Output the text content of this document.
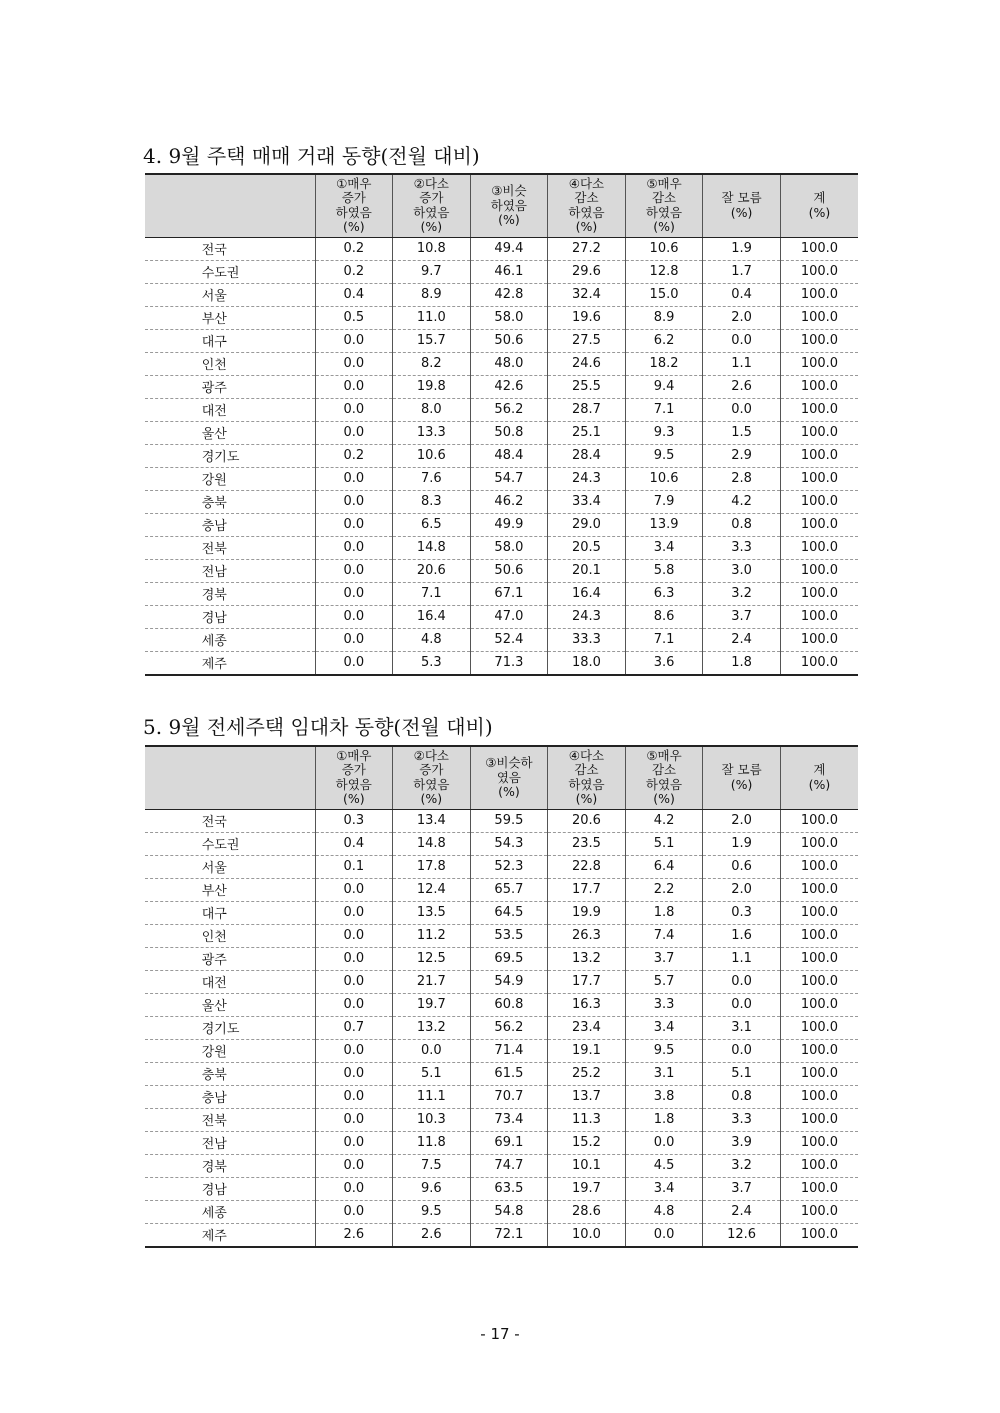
4. 9월 주택 매매 거래 동향(전월 대비)

	①매우
증가
하였음
(%)	②다소
증가
하였음
(%)	③비슷
하였음
(%)	④다소
감소
하였음
(%)	⑤매우
감소
하였음
(%)	잘 모름
(%)	계
(%)

전국	0.2	10.8	49.4	27.2	10.6	1.9	100.0
수도권	0.2	9.7	46.1	29.6	12.8	1.7	100.0
서울	0.4	8.9	42.8	32.4	15.0	0.4	100.0
부산	0.5	11.0	58.0	19.6	8.9	2.0	100.0
대구	0.0	15.7	50.6	27.5	6.2	0.0	100.0
인천	0.0	8.2	48.0	24.6	18.2	1.1	100.0
광주	0.0	19.8	42.6	25.5	9.4	2.6	100.0
대전	0.0	8.0	56.2	28.7	7.1	0.0	100.0
울산	0.0	13.3	50.8	25.1	9.3	1.5	100.0
경기도	0.2	10.6	48.4	28.4	9.5	2.9	100.0
강원	0.0	7.6	54.7	24.3	10.6	2.8	100.0
충북	0.0	8.3	46.2	33.4	7.9	4.2	100.0
충남	0.0	6.5	49.9	29.0	13.9	0.8	100.0
전북	0.0	14.8	58.0	20.5	3.4	3.3	100.0
전남	0.0	20.6	50.6	20.1	5.8	3.0	100.0
경북	0.0	7.1	67.1	16.4	6.3	3.2	100.0
경남	0.0	16.4	47.0	24.3	8.6	3.7	100.0
세종	0.0	4.8	52.4	33.3	7.1	2.4	100.0
제주	0.0	5.3	71.3	18.0	3.6	1.8	100.0
5. 9월 전세주택 임대차 동향(전월 대비)

	①매우
증가
하였음
(%)	②다소
증가
하였음
(%)	③비슷하
였음
(%)	④다소
감소
하였음
(%)	⑤매우
감소
하였음
(%)	잘 모름
(%)	계
(%)

전국	0.3	13.4	59.5	20.6	4.2	2.0	100.0
수도권	0.4	14.8	54.3	23.5	5.1	1.9	100.0
서울	0.1	17.8	52.3	22.8	6.4	0.6	100.0
부산	0.0	12.4	65.7	17.7	2.2	2.0	100.0
대구	0.0	13.5	64.5	19.9	1.8	0.3	100.0
인천	0.0	11.2	53.5	26.3	7.4	1.6	100.0
광주	0.0	12.5	69.5	13.2	3.7	1.1	100.0
대전	0.0	21.7	54.9	17.7	5.7	0.0	100.0
울산	0.0	19.7	60.8	16.3	3.3	0.0	100.0
경기도	0.7	13.2	56.2	23.4	3.4	3.1	100.0
강원	0.0	0.0	71.4	19.1	9.5	0.0	100.0
충북	0.0	5.1	61.5	25.2	3.1	5.1	100.0
충남	0.0	11.1	70.7	13.7	3.8	0.8	100.0
전북	0.0	10.3	73.4	11.3	1.8	3.3	100.0
전남	0.0	11.8	69.1	15.2	0.0	3.9	100.0
경북	0.0	7.5	74.7	10.1	4.5	3.2	100.0
경남	0.0	9.6	63.5	19.7	3.4	3.7	100.0
세종	0.0	9.5	54.8	28.6	4.8	2.4	100.0
제주	2.6	2.6	72.1	10.0	0.0	12.6	100.0

- 17 -
